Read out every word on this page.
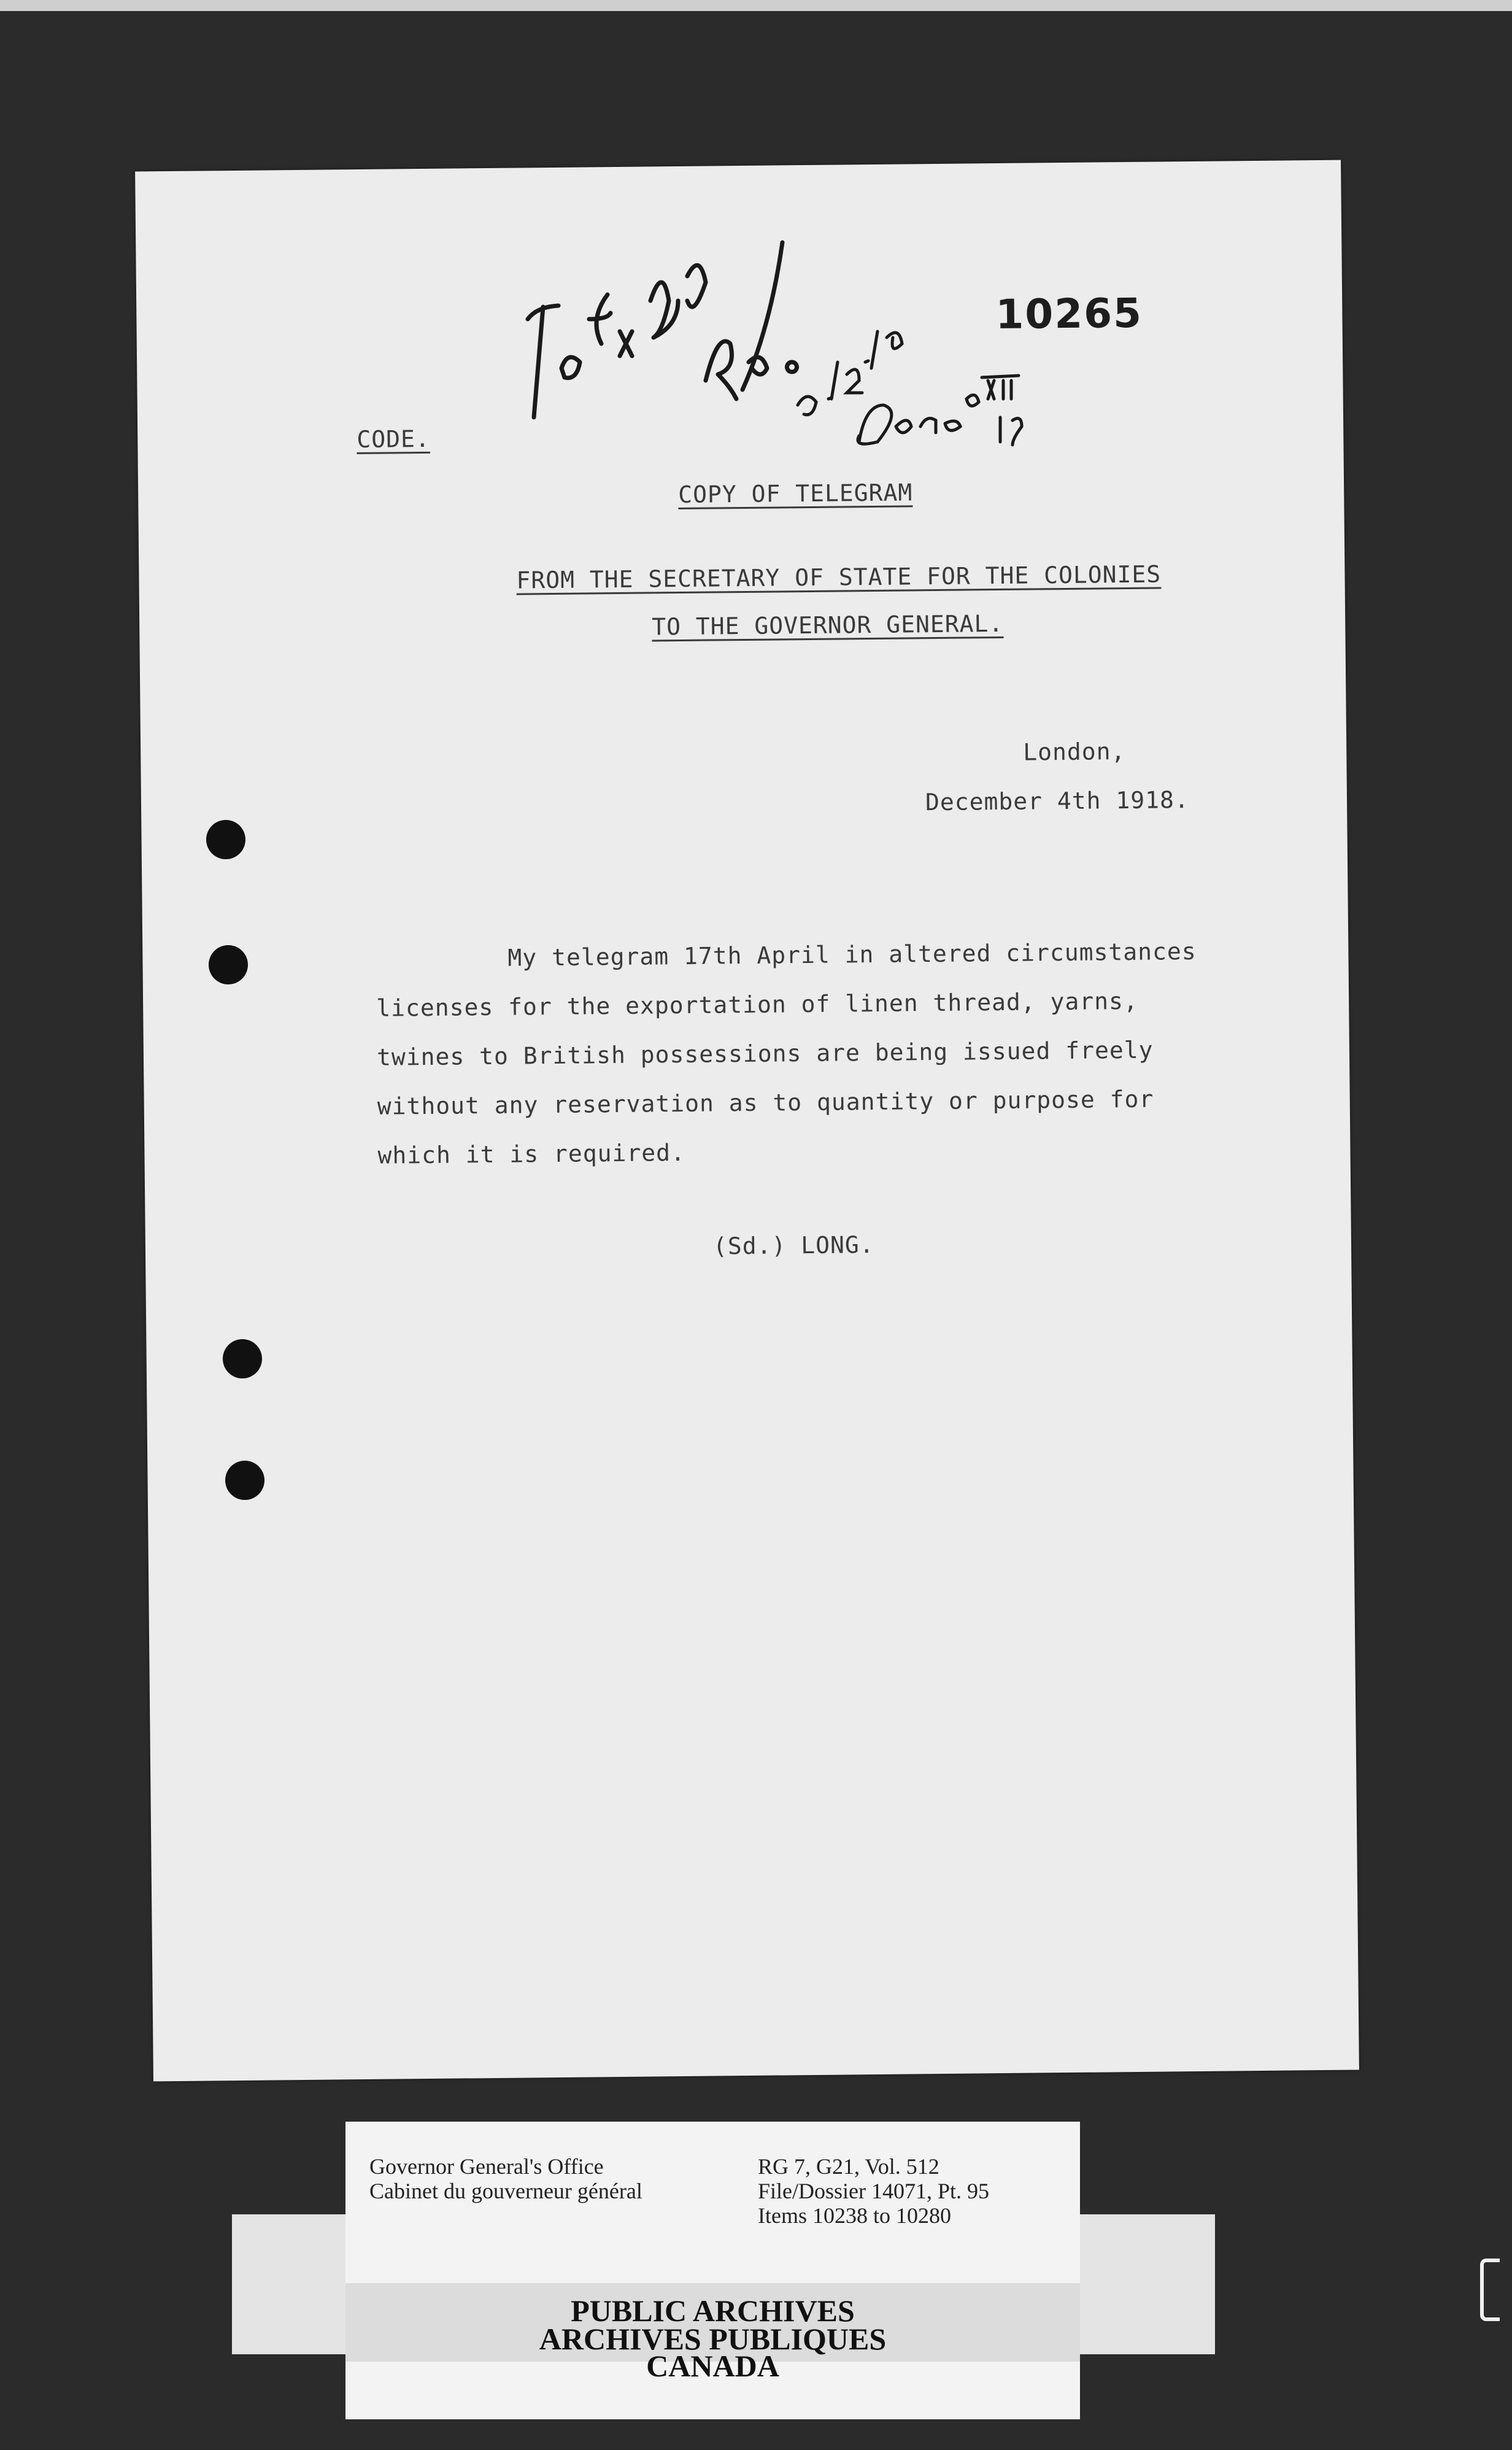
CODE.
10265
COPY OF TELEGRAM
FROM THE SECRETARY OF STATE FOR THE COLONIES
TO THE GOVERNOR GENERAL.
London,
December 4th 1918.
My telegram 17th April in altered circumstances
licenses for the exportation of linen thread, yarns,
twines to British possessions are being issued freely
without any reservation as to quantity or purpose for
which it is required.
(Sd.) LONG.
Governor General's Office
Cabinet du gouverneur général
RG 7, G21, Vol. 512
File/Dossier 14071, Pt. 95
Items 10238 to 10280
PUBLIC ARCHIVES
ARCHIVES PUBLIQUES
CANADA
